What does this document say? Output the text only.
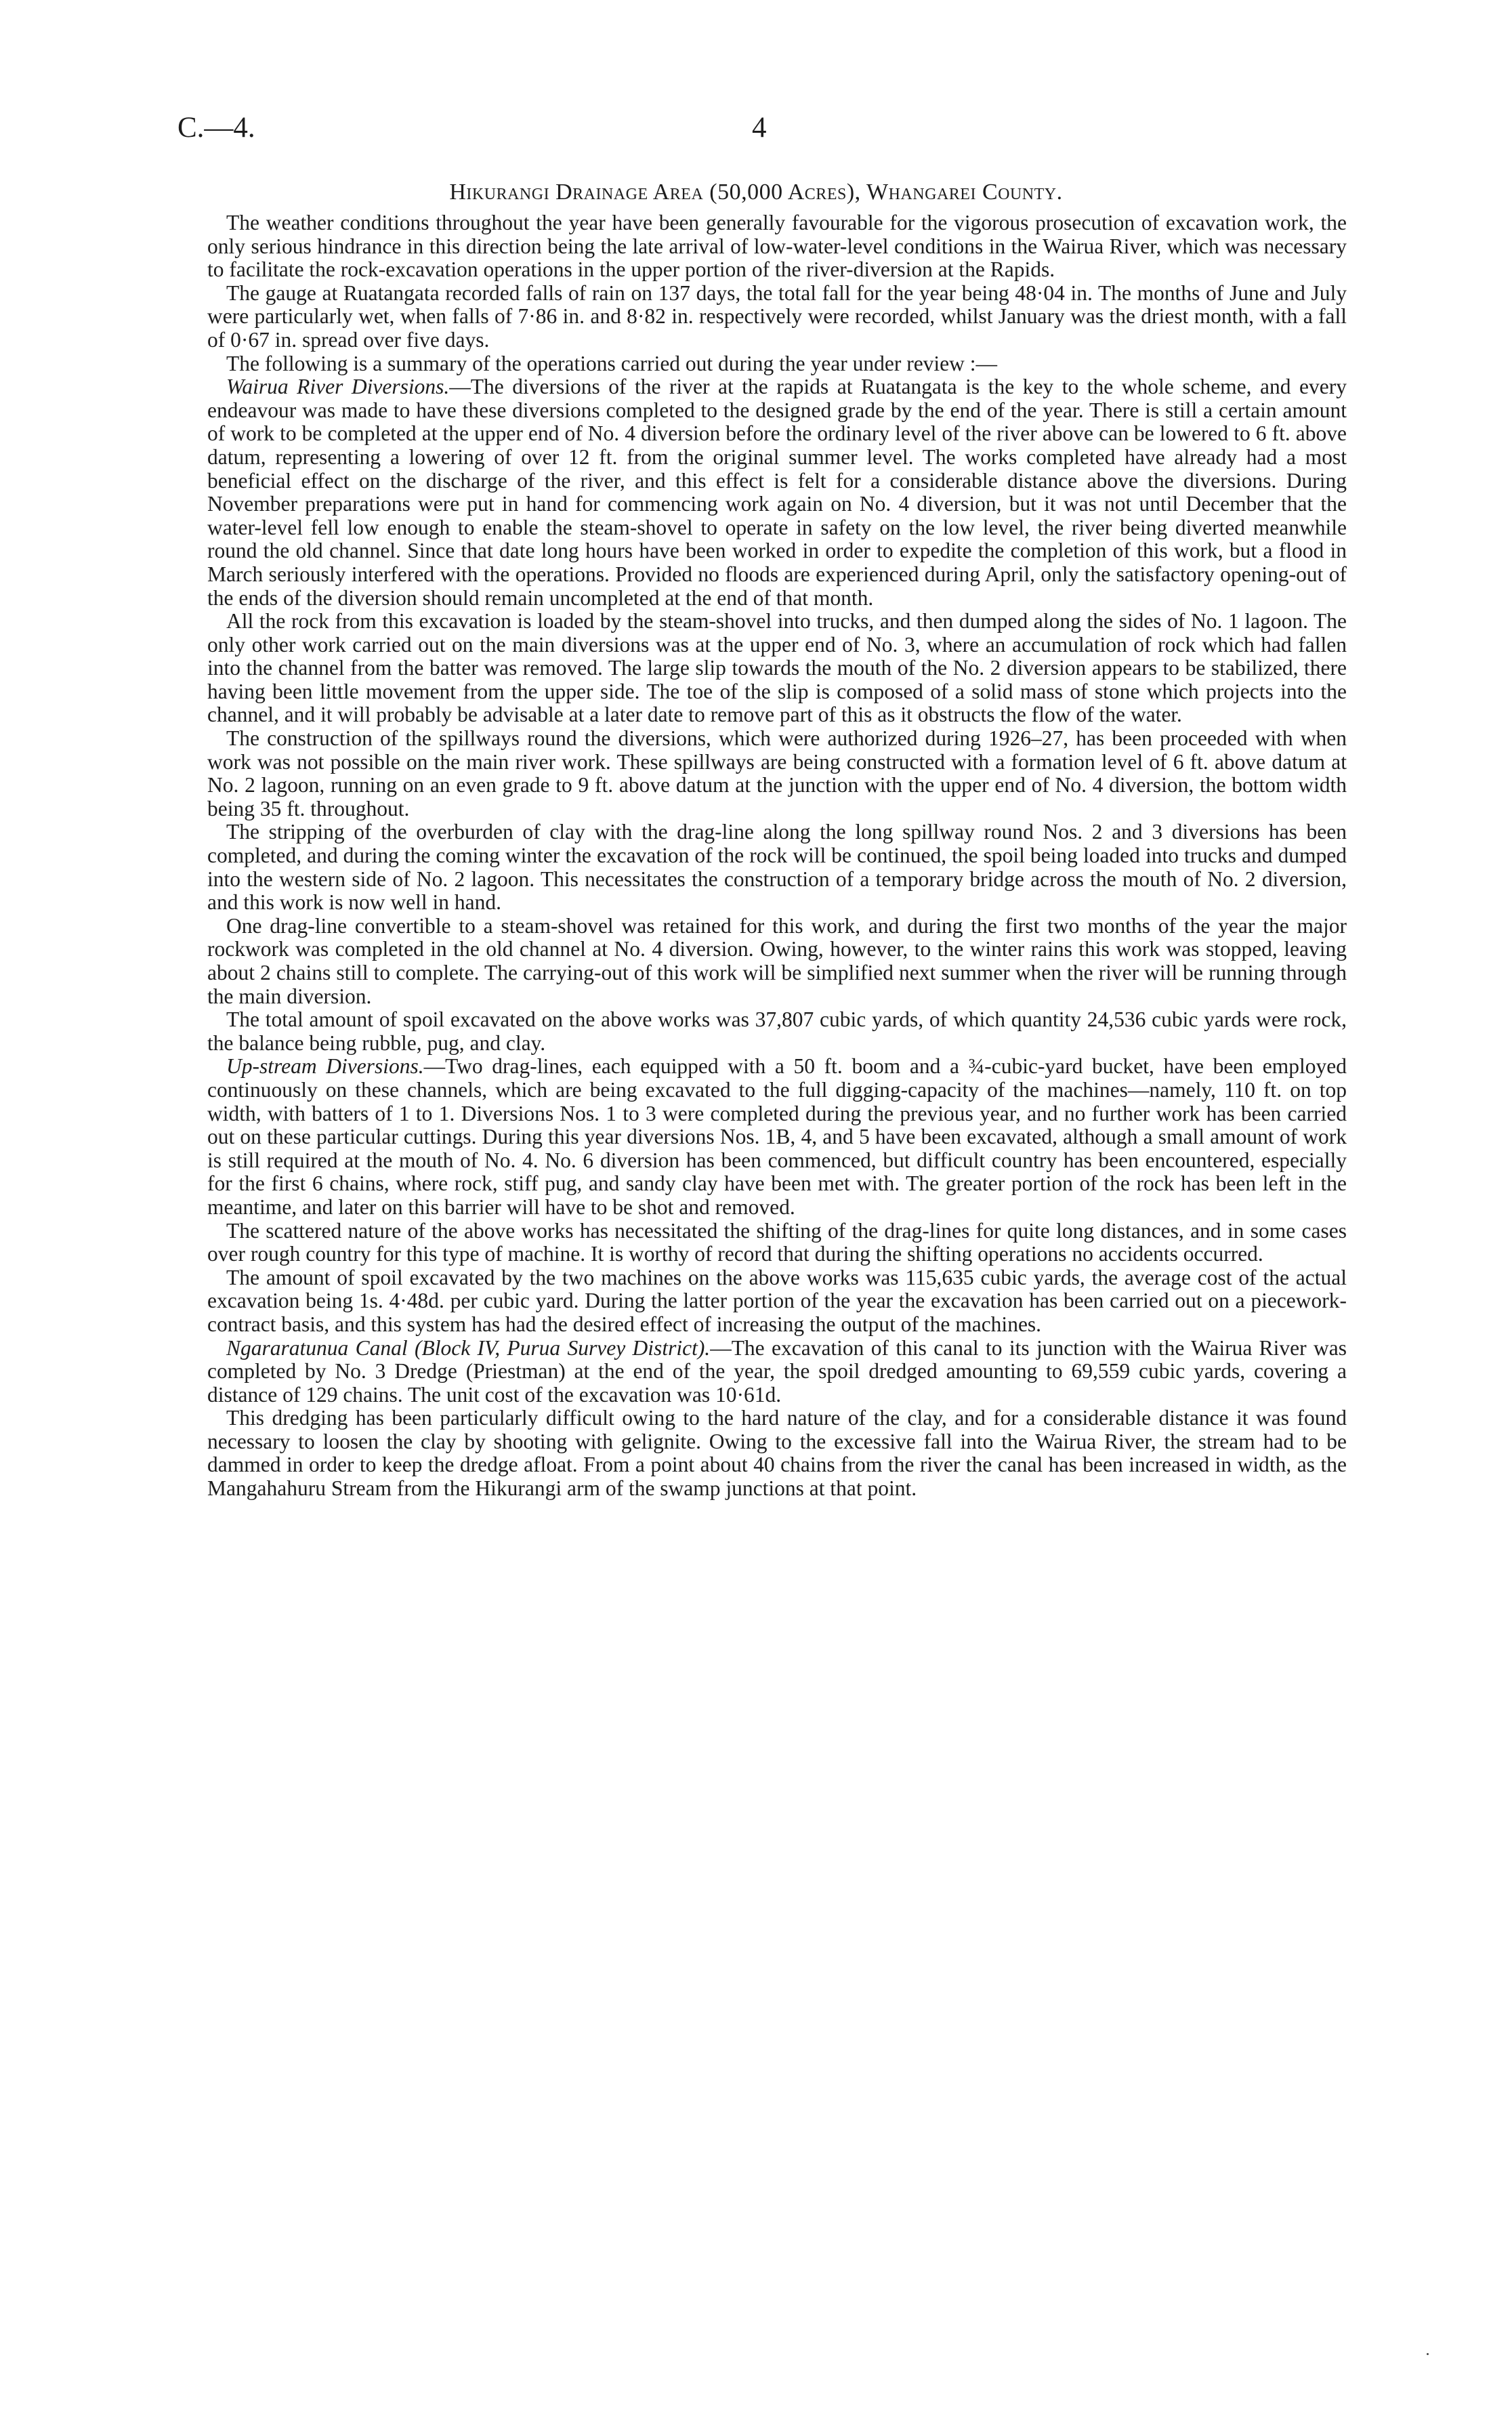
C.—4.	4
Hikurangi Drainage Area (50,000 Acres), Whangarei County.

The weather conditions throughout the year have been generally favourable for the vigorous prosecution of excavation work, the only serious hindrance in this direction being the late arrival of low-water-level conditions in the Wairua River, which was necessary to facilitate the rock-excavation operations in the upper portion of the river-diversion at the Rapids.

The gauge at Ruatangata recorded falls of rain on 137 days, the total fall for the year being 48·04 in. The months of June and July were particularly wet, when falls of 7·86 in. and 8·82 in. respectively were recorded, whilst January was the driest month, with a fall of 0·67 in. spread over five days.

The following is a summary of the operations carried out during the year under review :—

Wairua River Diversions.—The diversions of the river at the rapids at Ruatangata is the key to the whole scheme, and every endeavour was made to have these diversions completed to the designed grade by the end of the year. There is still a certain amount of work to be completed at the upper end of No. 4 diversion before the ordinary level of the river above can be lowered to 6 ft. above datum, representing a lowering of over 12 ft. from the original summer level. The works completed have already had a most beneficial effect on the discharge of the river, and this effect is felt for a considerable distance above the diversions. During November preparations were put in hand for commencing work again on No. 4 diversion, but it was not until December that the water-level fell low enough to enable the steam-shovel to operate in safety on the low level, the river being diverted meanwhile round the old channel. Since that date long hours have been worked in order to expedite the completion of this work, but a flood in March seriously interfered with the operations. Provided no floods are experienced during April, only the satisfactory opening-out of the ends of the diversion should remain uncompleted at the end of that month.

All the rock from this excavation is loaded by the steam-shovel into trucks, and then dumped along the sides of No. 1 lagoon. The only other work carried out on the main diversions was at the upper end of No. 3, where an accumulation of rock which had fallen into the channel from the batter was removed. The large slip towards the mouth of the No. 2 diversion appears to be stabilized, there having been little movement from the upper side. The toe of the slip is composed of a solid mass of stone which projects into the channel, and it will probably be advisable at a later date to remove part of this as it obstructs the flow of the water.

The construction of the spillways round the diversions, which were authorized during 1926–27, has been proceeded with when work was not possible on the main river work. These spillways are being constructed with a formation level of 6 ft. above datum at No. 2 lagoon, running on an even grade to 9 ft. above datum at the junction with the upper end of No. 4 diversion, the bottom width being 35 ft. throughout.

The stripping of the overburden of clay with the drag-line along the long spillway round Nos. 2 and 3 diversions has been completed, and during the coming winter the excavation of the rock will be continued, the spoil being loaded into trucks and dumped into the western side of No. 2 lagoon. This necessitates the construction of a temporary bridge across the mouth of No. 2 diversion, and this work is now well in hand.

One drag-line convertible to a steam-shovel was retained for this work, and during the first two months of the year the major rockwork was completed in the old channel at No. 4 diversion. Owing, however, to the winter rains this work was stopped, leaving about 2 chains still to complete. The carrying-out of this work will be simplified next summer when the river will be running through the main diversion.

The total amount of spoil excavated on the above works was 37,807 cubic yards, of which quantity 24,536 cubic yards were rock, the balance being rubble, pug, and clay.

Up-stream Diversions.—Two drag-lines, each equipped with a 50 ft. boom and a ¾-cubic-yard bucket, have been employed continuously on these channels, which are being excavated to the full digging-capacity of the machines—namely, 110 ft. on top width, with batters of 1 to 1. Diversions Nos. 1 to 3 were completed during the previous year, and no further work has been carried out on these particular cuttings. During this year diversions Nos. 1B, 4, and 5 have been excavated, although a small amount of work is still required at the mouth of No. 4. No. 6 diversion has been commenced, but difficult country has been encountered, especially for the first 6 chains, where rock, stiff pug, and sandy clay have been met with. The greater portion of the rock has been left in the meantime, and later on this barrier will have to be shot and removed.

The scattered nature of the above works has necessitated the shifting of the drag-lines for quite long distances, and in some cases over rough country for this type of machine. It is worthy of record that during the shifting operations no accidents occurred.

The amount of spoil excavated by the two machines on the above works was 115,635 cubic yards, the average cost of the actual excavation being 1s. 4·48d. per cubic yard. During the latter portion of the year the excavation has been carried out on a piecework-contract basis, and this system has had the desired effect of increasing the output of the machines.

Ngararatunua Canal (Block IV, Purua Survey District).—The excavation of this canal to its junction with the Wairua River was completed by No. 3 Dredge (Priestman) at the end of the year, the spoil dredged amounting to 69,559 cubic yards, covering a distance of 129 chains. The unit cost of the excavation was 10·61d.

This dredging has been particularly difficult owing to the hard nature of the clay, and for a considerable distance it was found necessary to loosen the clay by shooting with gelignite. Owing to the excessive fall into the Wairua River, the stream had to be dammed in order to keep the dredge afloat. From a point about 40 chains from the river the canal has been increased in width, as the Mangahahuru Stream from the Hikurangi arm of the swamp junctions at that point.
